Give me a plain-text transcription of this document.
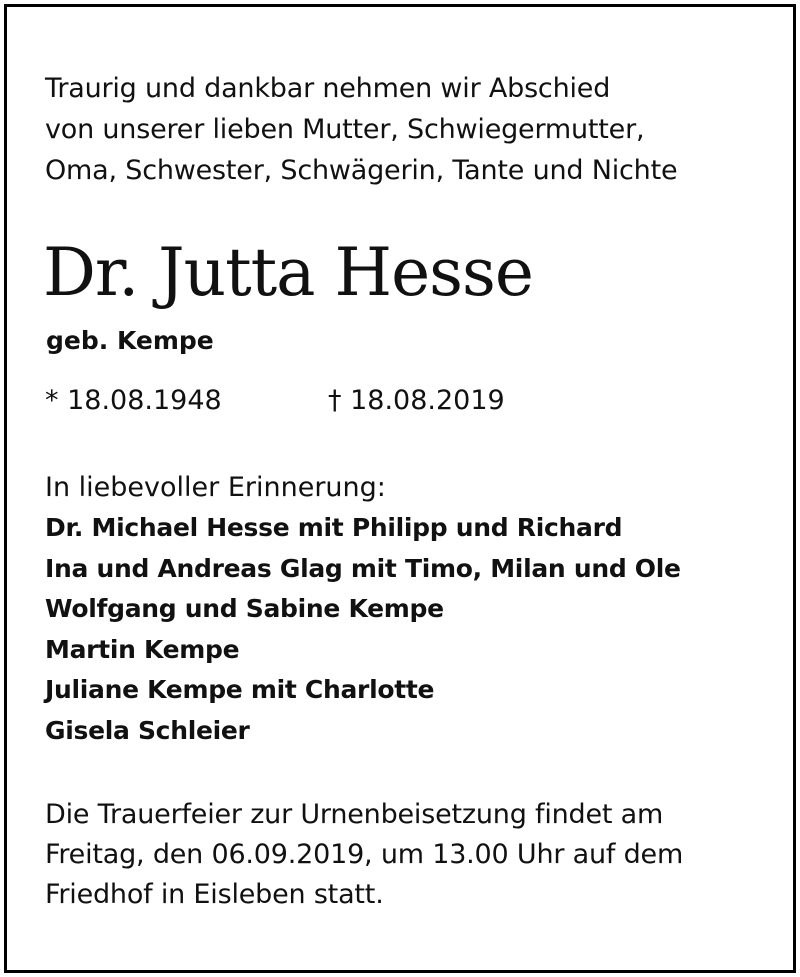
Traurig und dankbar nehmen wir Abschied
von unserer lieben Mutter, Schwiegermutter,
Oma, Schwester, Schwägerin, Tante und Nichte
Dr. Jutta Hesse
geb. Kempe
* 18.08.1948	† 18.08.2019
In liebevoller Erinnerung:
Dr. Michael Hesse mit Philipp und Richard
Ina und Andreas Glag mit Timo, Milan und Ole
Wolfgang und Sabine Kempe
Martin Kempe
Juliane Kempe mit Charlotte
Gisela Schleier
Die Trauerfeier zur Urnenbeisetzung findet am
Freitag, den 06.09.2019, um 13.00 Uhr auf dem
Friedhof in Eisleben statt.
